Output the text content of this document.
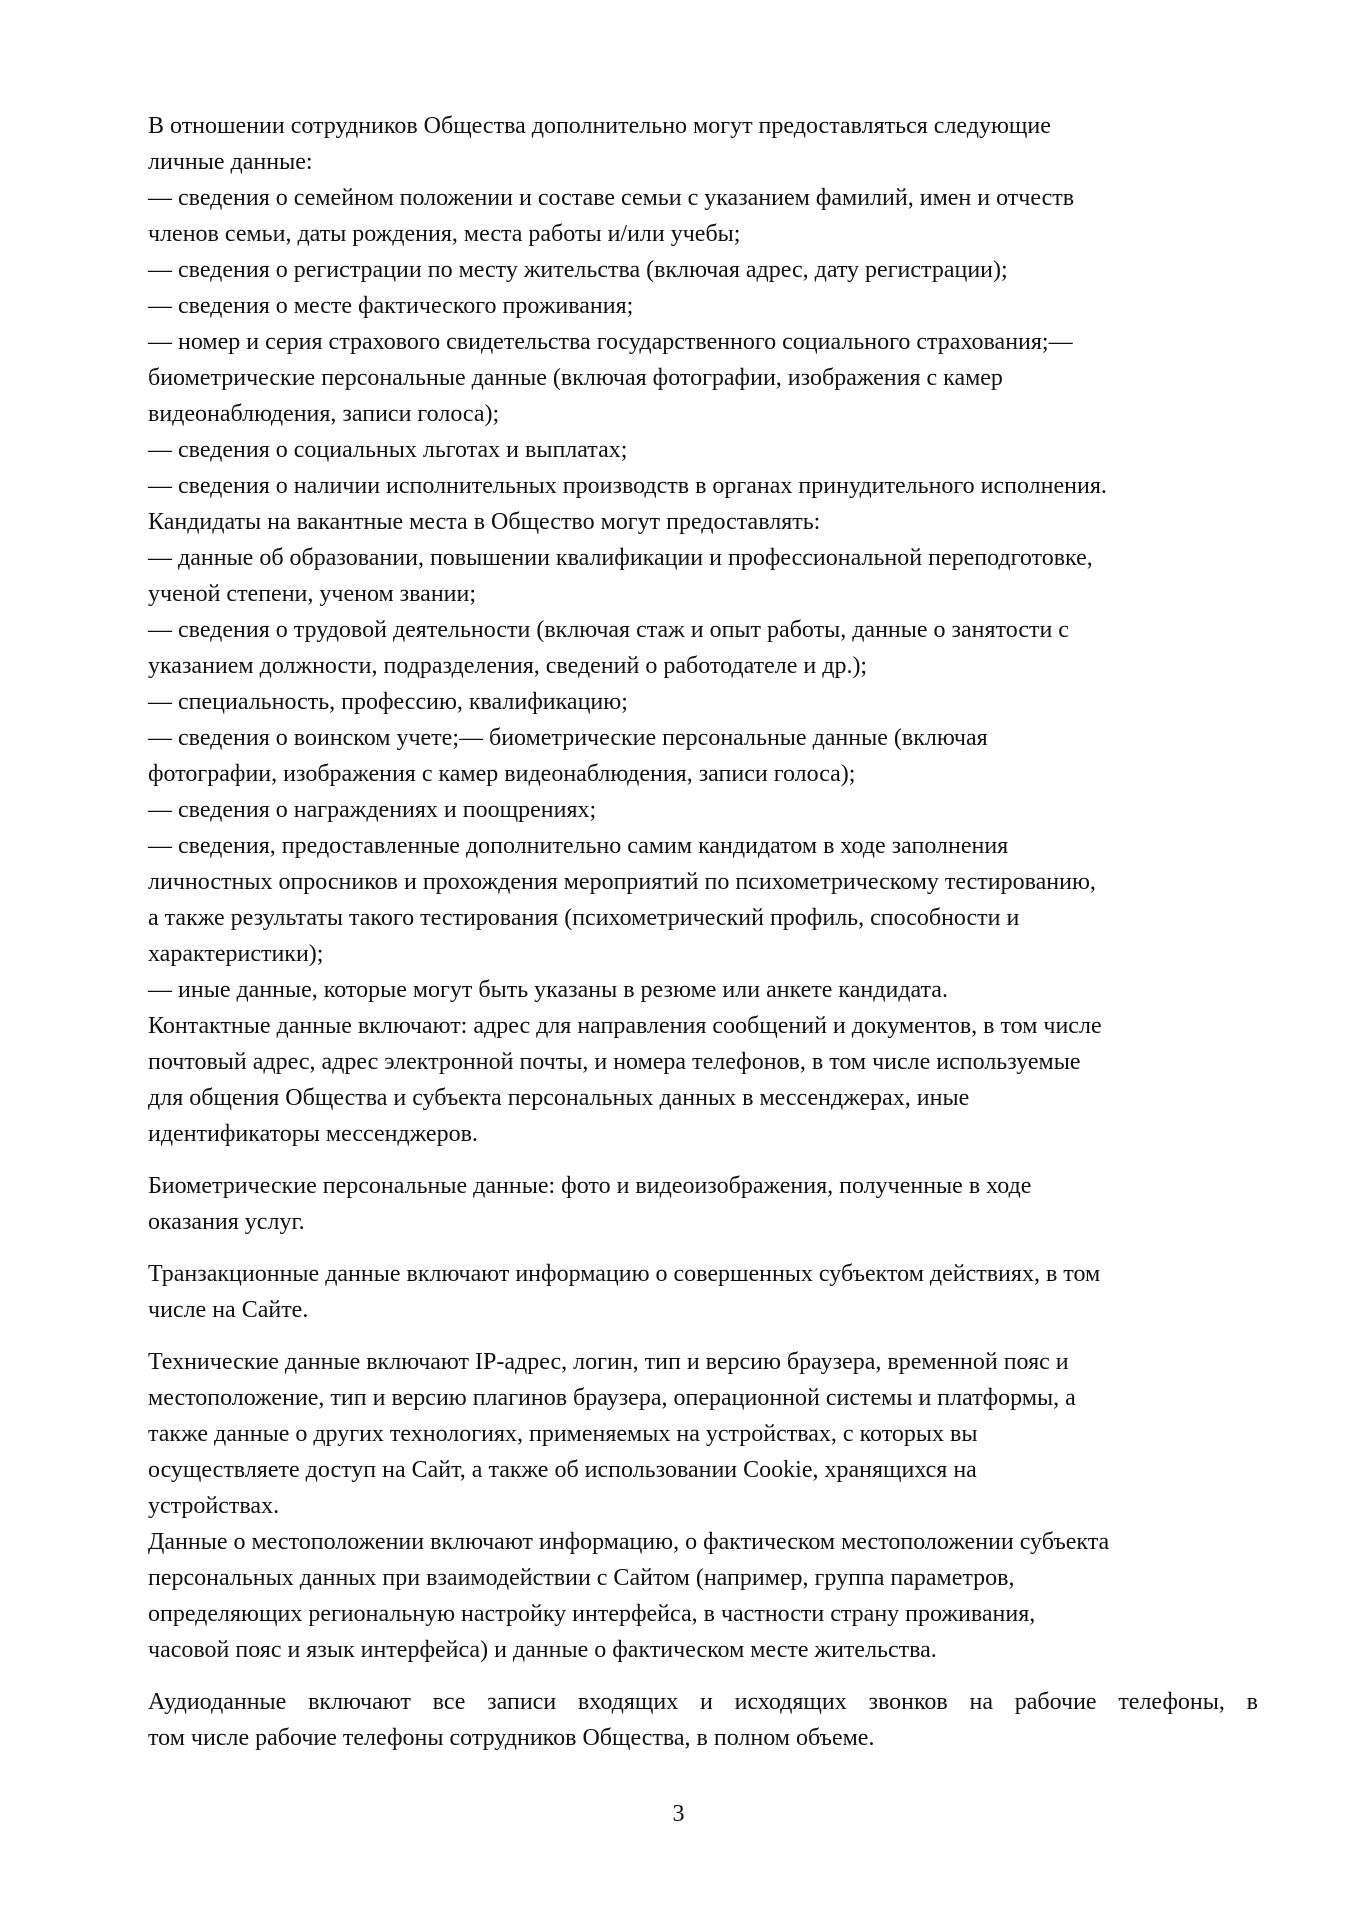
В отношении сотрудников Общества дополнительно могут предоставляться следующие
личные данные:
— сведения о семейном положении и составе семьи с указанием фамилий, имен и отчеств
членов семьи, даты рождения, места работы и/или учебы;
— сведения о регистрации по месту жительства (включая адрес, дату регистрации);
— сведения о месте фактического проживания;
— номер и серия страхового свидетельства государственного социального страхования;—
биометрические персональные данные (включая фотографии, изображения с камер
видеонаблюдения, записи голоса);
— сведения о социальных льготах и выплатах;
— сведения о наличии исполнительных производств в органах принудительного исполнения.
Кандидаты на вакантные места в Общество могут предоставлять:
— данные об образовании, повышении квалификации и профессиональной переподготовке,
ученой степени, ученом звании;
— сведения о трудовой деятельности (включая стаж и опыт работы, данные о занятости с
указанием должности, подразделения, сведений о работодателе и др.);
— специальность, профессию, квалификацию;
— сведения о воинском учете;— биометрические персональные данные (включая
фотографии, изображения с камер видеонаблюдения, записи голоса);
— сведения о награждениях и поощрениях;
— сведения, предоставленные дополнительно самим кандидатом в ходе заполнения
личностных опросников и прохождения мероприятий по психометрическому тестированию,
а также результаты такого тестирования (психометрический профиль, способности и
характеристики);
— иные данные, которые могут быть указаны в резюме или анкете кандидата.
Контактные данные включают: адрес для направления сообщений и документов, в том числе
почтовый адрес, адрес электронной почты, и номера телефонов, в том числе используемые
для общения Общества и субъекта персональных данных в мессенджерах, иные
идентификаторы мессенджеров.
Биометрические персональные данные: фото и видеоизображения, полученные в ходе
оказания услуг.
Транзакционные данные включают информацию о совершенных субъектом действиях, в том
числе на Сайте.
Технические данные включают IP-адрес, логин, тип и версию браузера, временной пояс и
местоположение, тип и версию плагинов браузера, операционной системы и платформы, а
также данные о других технологиях, применяемых на устройствах, с которых вы
осуществляете доступ на Сайт, а также об использовании Cookie, хранящихся на
устройствах.
Данные о местоположении включают информацию, о фактическом местоположении субъекта
персональных данных при взаимодействии с Сайтом (например, группа параметров,
определяющих региональную настройку интерфейса, в частности страну проживания,
часовой пояс и язык интерфейса) и данные о фактическом месте жительства.
Аудиоданные включают все записи входящих и исходящих звонков на рабочие телефоны, в
том числе рабочие телефоны сотрудников Общества, в полном объеме.
3
